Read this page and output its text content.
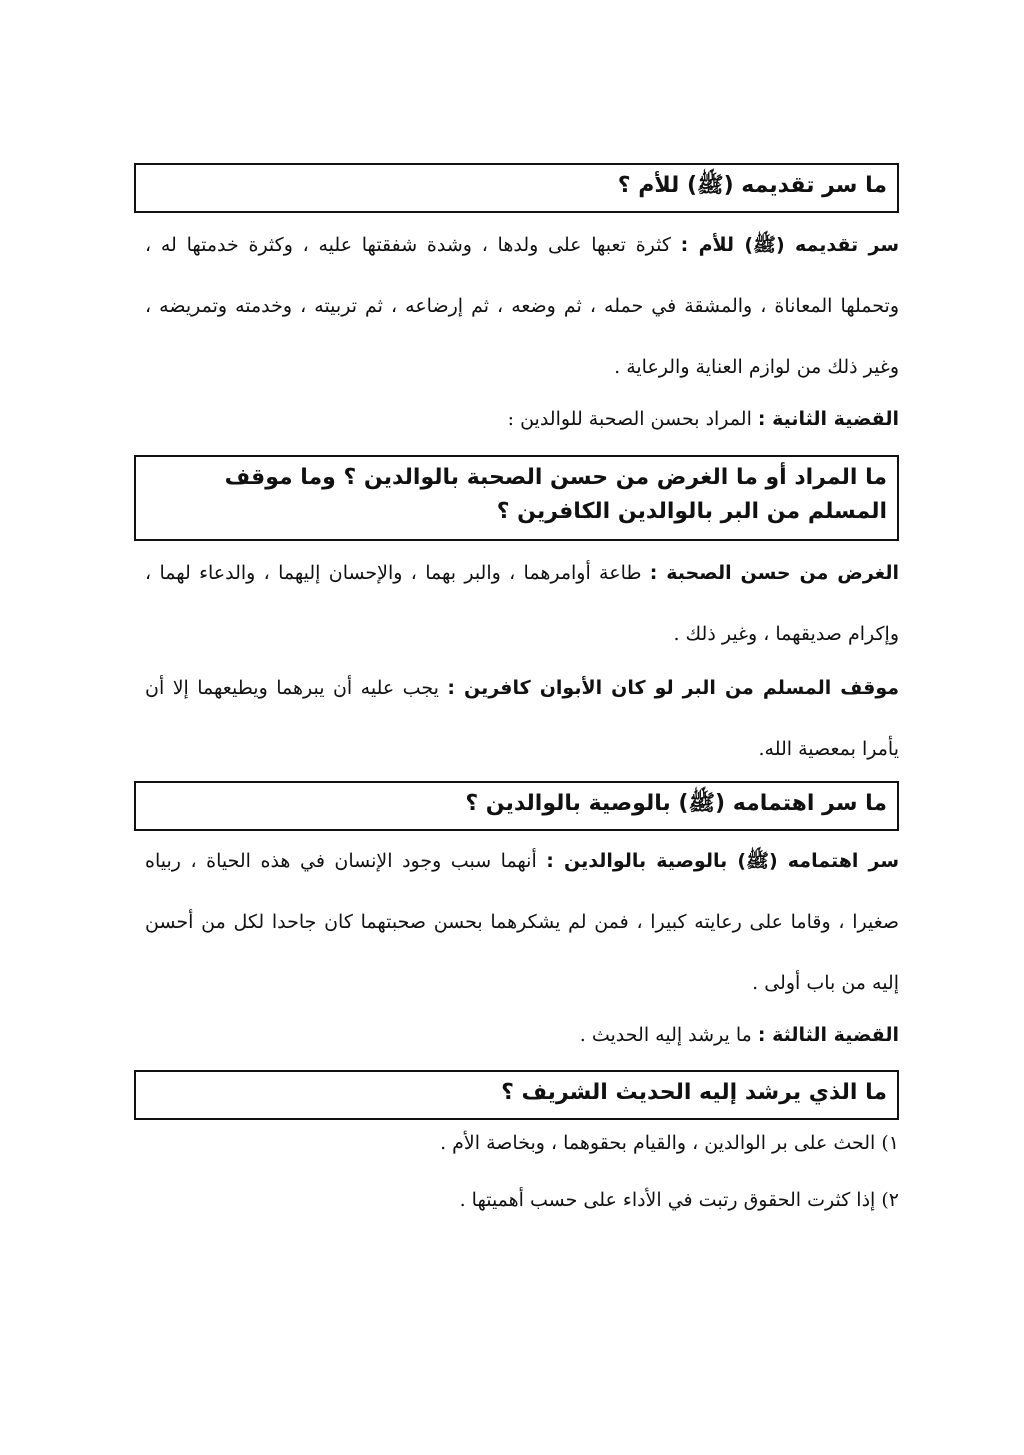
ما سر تقديمه (ﷺ) للأم ؟
سر تقديمه (ﷺ) للأم : كثرة تعبها على ولدها ، وشدة شفقتها عليه ، وكثرة خدمتها له ، وتحملها المعاناة ، والمشقة في حمله ، ثم وضعه ، ثم إرضاعه ، ثم تربيته ، وخدمته وتمريضه ، وغير ذلك من لوازم العناية والرعاية .
القضية الثانية : المراد بحسن الصحبة للوالدين :
ما المراد أو ما الغرض من حسن الصحبة بالوالدين ؟ وما موقف المسلم من البر بالوالدين الكافرين ؟
الغرض من حسن الصحبة : طاعة أوامرهما ، والبر بهما ، والإحسان إليهما ، والدعاء لهما ، وإكرام صديقهما ، وغير ذلك .
موقف المسلم من البر لو كان الأبوان كافرين : يجب عليه أن يبرهما ويطيعهما إلا أن يأمرا بمعصية الله.
ما سر اهتمامه (ﷺ) بالوصية بالوالدين ؟
سر اهتمامه (ﷺ) بالوصية بالوالدين : أنهما سبب وجود الإنسان في هذه الحياة ، ربياه صغيرا ، وقاما على رعايته كبيرا ، فمن لم يشكرهما بحسن صحبتهما كان جاحدا لكل من أحسن إليه من باب أولى .
القضية الثالثة : ما يرشد إليه الحديث .
ما الذي يرشد إليه الحديث الشريف ؟
١) الحث على بر الوالدين ، والقيام بحقوهما ، وبخاصة الأم .
٢) إذا كثرت الحقوق رتبت في الأداء على حسب أهميتها .
